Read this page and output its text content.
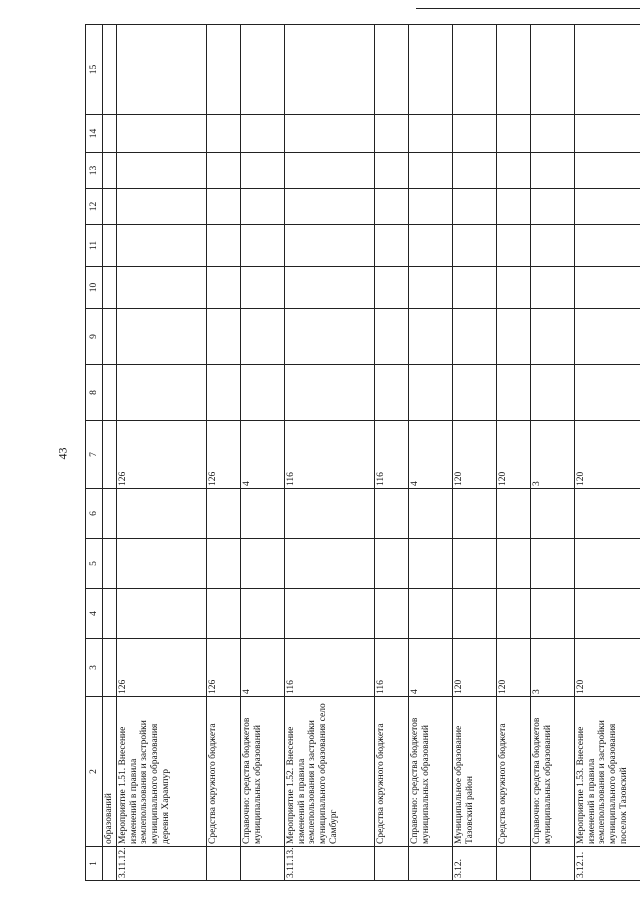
43
1	2	3	4	5	6	7	8	9	10	11	12	13	14	15
	образований													
3.11.12.	Мероприятие 1.51. Внесение изменений в правила землепользования и застройки муниципального образования деревня Харампур	126				126								
	Средства окружного бюджета	126				126								
	Справочно: средства бюджетов муниципальных образований	4				4								
3.11.13.	Мероприятие 1.52. Внесение изменений в правила землепользования и застройки муниципального образования село Самбург	116				116								
	Средства окружного бюджета	116				116								
	Справочно: средства бюджетов муниципальных образований	4				4								
3.12.	Муниципальное образование Тазовский район	120				120								
	Средства окружного бюджета	120				120								
	Справочно: средства бюджетов муниципальных образований	3				3								
3.12.1.	Мероприятие 1.53. Внесение изменений в правила землепользования и застройки муниципального образования поселок Тазовский	120				120								
